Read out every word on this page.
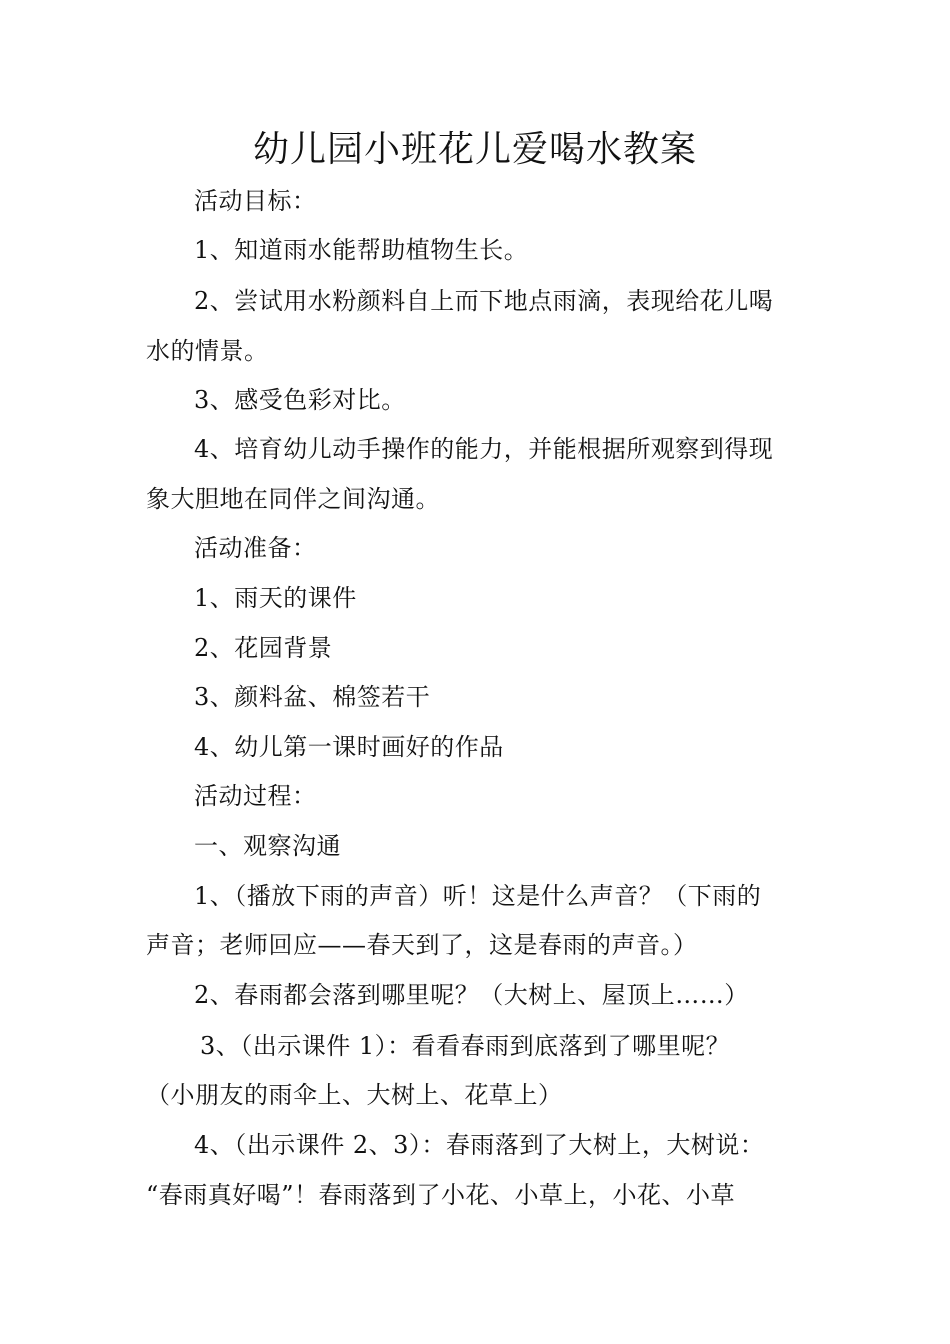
幼儿园小班花儿爱喝水教案
活动目标：
1、知道雨水能帮助植物生长。
2、尝试用水粉颜料自上而下地点雨滴，表现给花儿喝
水的情景。
3、感受色彩对比。
4、培育幼儿动手操作的能力，并能根据所观察到得现
象大胆地在同伴之间沟通。
活动准备：
1、雨天的课件
2、花园背景
3、颜料盆、棉签若干
4、幼儿第一课时画好的作品
活动过程：
一、观察沟通
1、（播放下雨的声音）听！这是什么声音？（下雨的
声音；老师回应——春天到了，这是春雨的声音。）
2、春雨都会落到哪里呢？（大树上、屋顶上……）
3、（出示课件 1）：看看春雨到底落到了哪里呢？
（小朋友的雨伞上、大树上、花草上）
4、（出示课件 2、3）：春雨落到了大树上，大树说：
“春雨真好喝”！春雨落到了小花、小草上，小花、小草
